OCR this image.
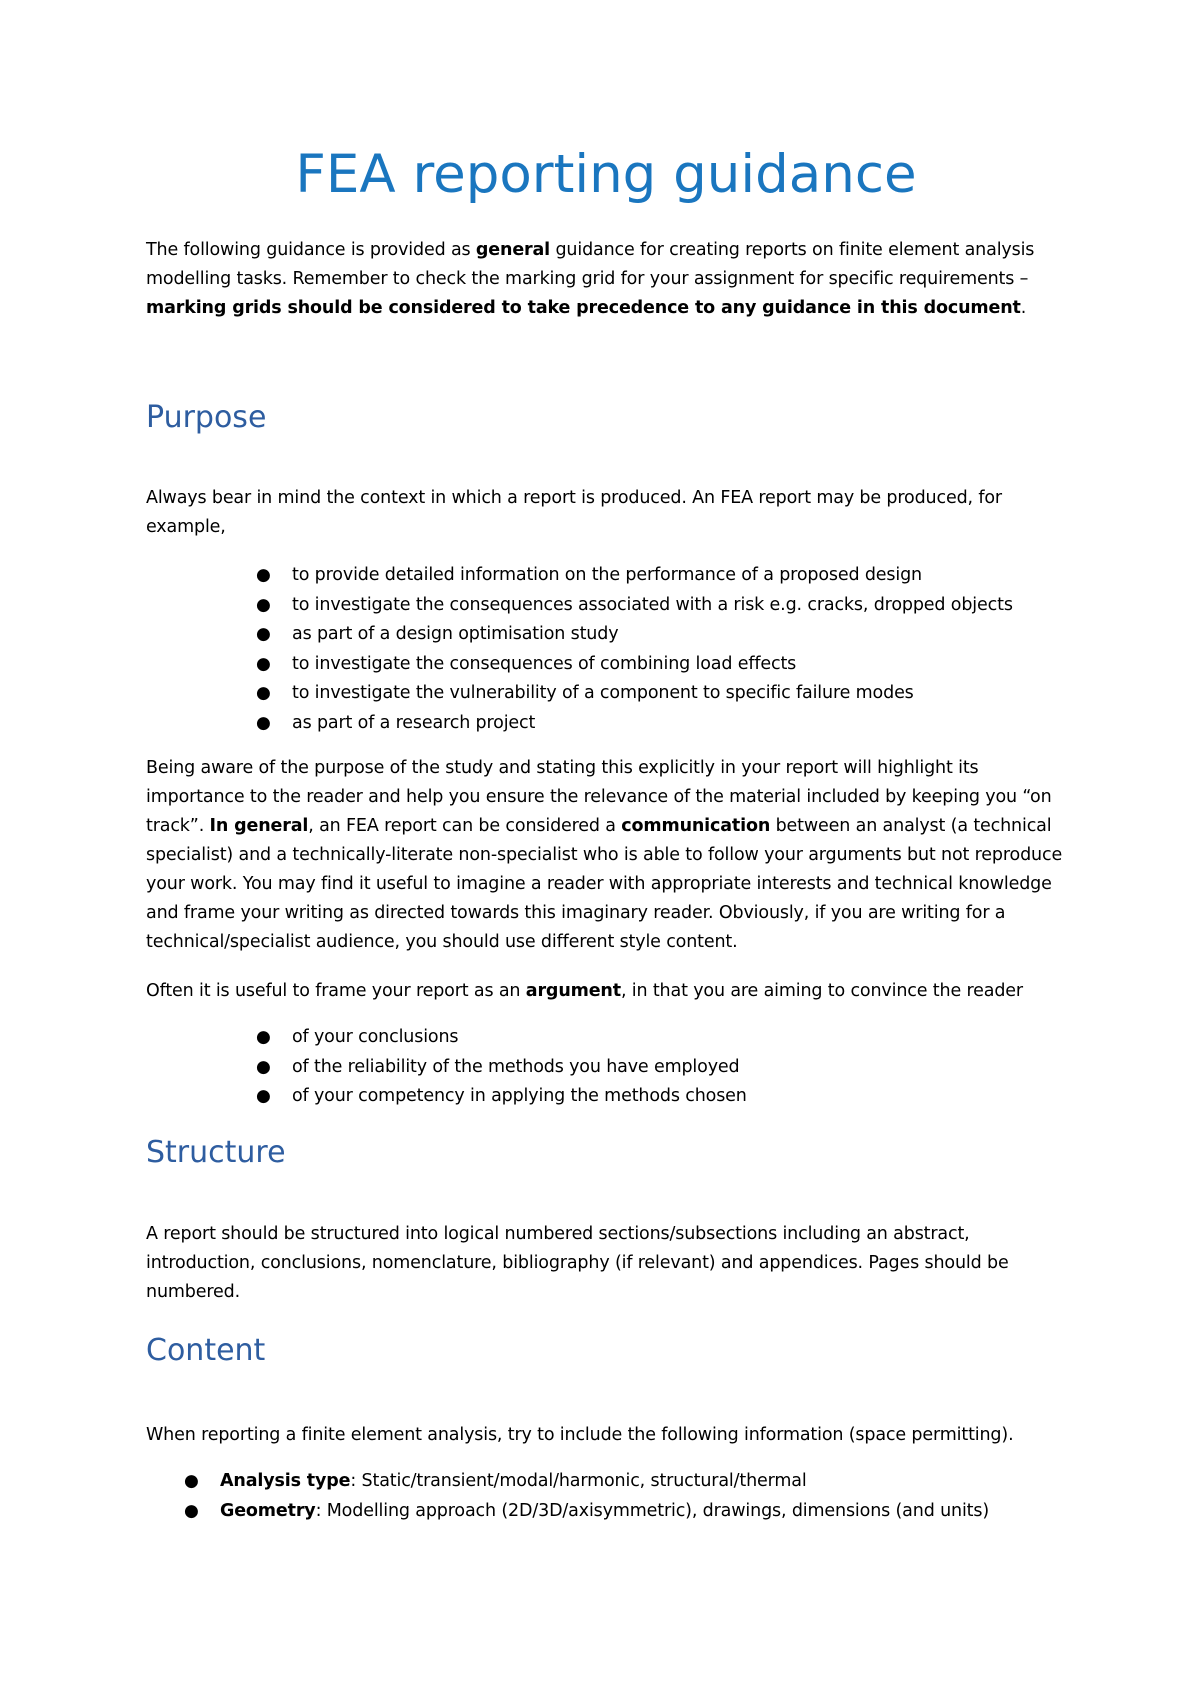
FEA reporting guidance

The following guidance is provided as general guidance for creating reports on finite element analysis modelling tasks. Remember to check the marking grid for your assignment for specific requirements – marking grids should be considered to take precedence to any guidance in this document.

Purpose

Always bear in mind the context in which a report is produced. An FEA report may be produced, for example,

● to provide detailed information on the performance of a proposed design
● to investigate the consequences associated with a risk e.g. cracks, dropped objects
● as part of a design optimisation study
● to investigate the consequences of combining load effects
● to investigate the vulnerability of a component to specific failure modes
● as part of a research project

Being aware of the purpose of the study and stating this explicitly in your report will highlight its importance to the reader and help you ensure the relevance of the material included by keeping you “on track”. In general, an FEA report can be considered a communication between an analyst (a technical specialist) and a technically-literate non-specialist who is able to follow your arguments but not reproduce your work. You may find it useful to imagine a reader with appropriate interests and technical knowledge and frame your writing as directed towards this imaginary reader. Obviously, if you are writing for a technical/specialist audience, you should use different style content.

Often it is useful to frame your report as an argument, in that you are aiming to convince the reader

● of your conclusions
● of the reliability of the methods you have employed
● of your competency in applying the methods chosen
Structure

A report should be structured into logical numbered sections/subsections including an abstract, introduction, conclusions, nomenclature, bibliography (if relevant) and appendices. Pages should be numbered.

Content

When reporting a finite element analysis, try to include the following information (space permitting).

● Analysis type: Static/transient/modal/harmonic, structural/thermal
● Geometry: Modelling approach (2D/3D/axisymmetric), drawings, dimensions (and units)
